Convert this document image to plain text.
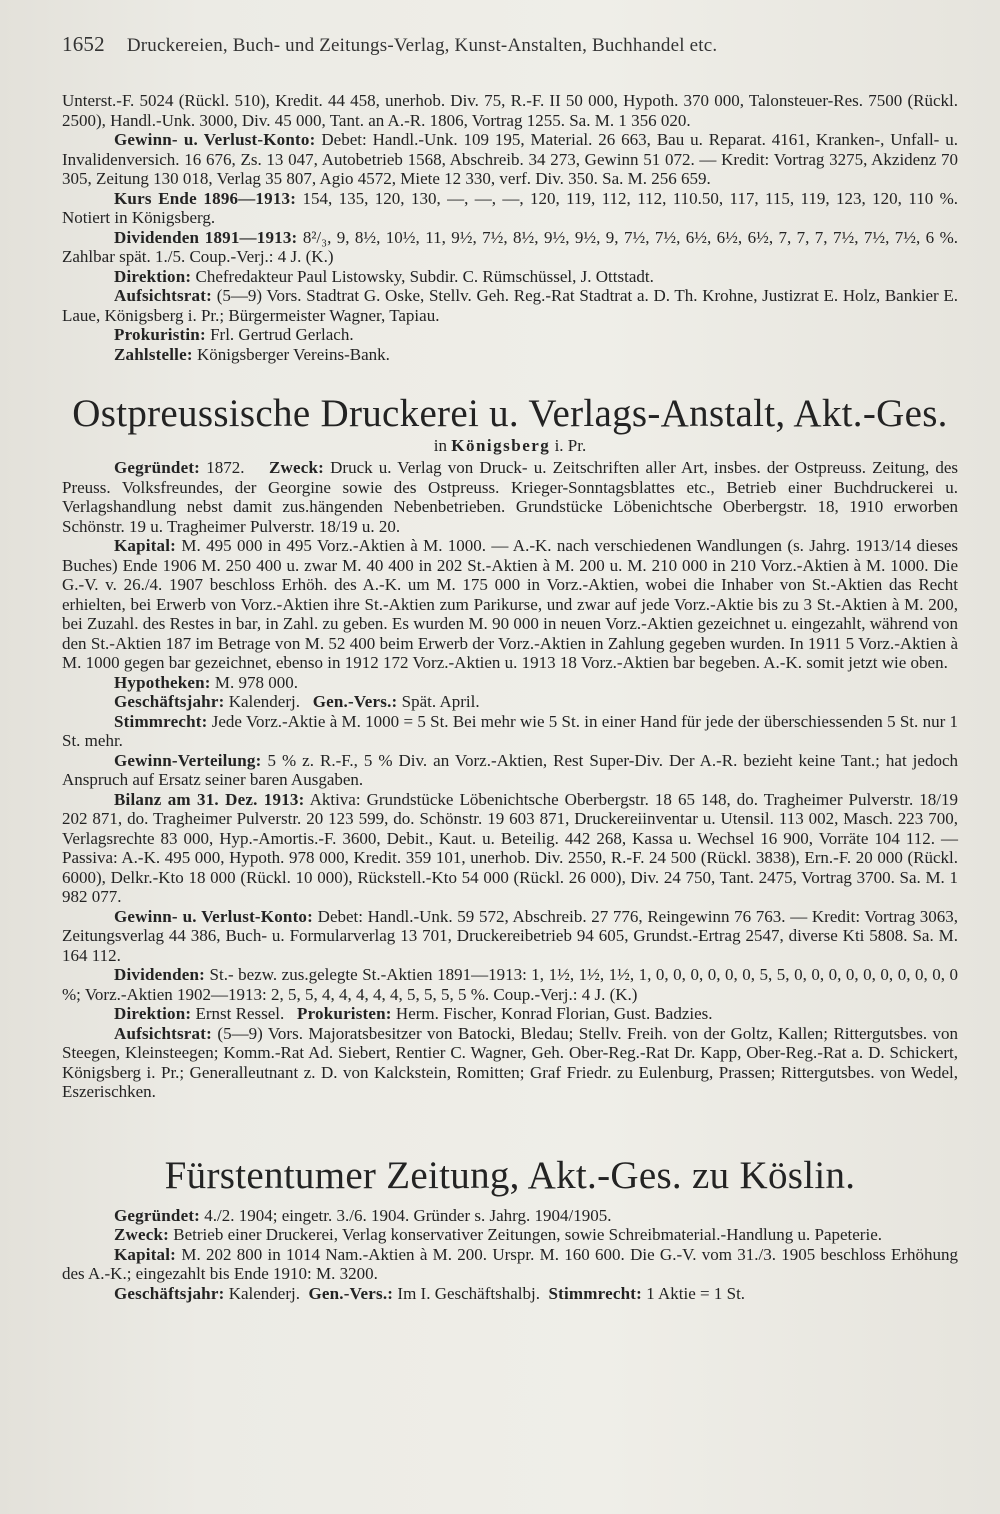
1652 Druckereien, Buch- und Zeitungs-Verlag, Kunst-Anstalten, Buchhandel etc.

Unterst.-F. 5024 (Rückl. 510), Kredit. 44 458, unerhob. Div. 75, R.-F. II 50 000, Hypoth. 370 000, Talonsteuer-Res. 7500 (Rückl. 2500), Handl.-Unk. 3000, Div. 45 000, Tant. an A.-R. 1806, Vortrag 1255. Sa. M. 1 356 020.

Gewinn- u. Verlust-Konto: Debet: Handl.-Unk. 109 195, Material. 26 663, Bau u. Reparat. 4161, Kranken-, Unfall- u. Invalidenversich. 16 676, Zs. 13 047, Autobetrieb 1568, Abschreib. 34 273, Gewinn 51 072. — Kredit: Vortrag 3275, Akzidenz 70 305, Zeitung 130 018, Verlag 35 807, Agio 4572, Miete 12 330, verf. Div. 350. Sa. M. 256 659.

Kurs Ende 1896—1913: 154, 135, 120, 130, —, —, —, 120, 119, 112, 112, 110.50, 117, 115, 119, 123, 120, 110 %. Notiert in Königsberg.

Dividenden 1891—1913: 8²/₃, 9, 8½, 10½, 11, 9½, 7½, 8½, 9½, 9½, 9, 7½, 7½, 6½, 6½, 6½, 7, 7, 7, 7½, 7½, 7½, 6 %. Zahlbar spät. 1./5. Coup.-Verj.: 4 J. (K.)

Direktion: Chefredakteur Paul Listowsky, Subdir. C. Rümschüssel, J. Ottstadt.

Aufsichtsrat: (5—9) Vors. Stadtrat G. Oske, Stellv. Geh. Reg.-Rat Stadtrat a. D. Th. Krohne, Justizrat E. Holz, Bankier E. Laue, Königsberg i. Pr.; Bürgermeister Wagner, Tapiau.

Prokuristin: Frl. Gertrud Gerlach.

Zahlstelle: Königsberger Vereins-Bank.

Ostpreussische Druckerei u. Verlags-Anstalt, Akt.-Ges.
in Königsberg i. Pr.

Gegründet: 1872. Zweck: Druck u. Verlag von Druck- u. Zeitschriften aller Art, insbes. der Ostpreuss. Zeitung, des Preuss. Volksfreundes, der Georgine sowie des Ostpreuss. Krieger-Sonntagsblattes etc., Betrieb einer Buchdruckerei u. Verlagshandlung nebst damit zus.hängenden Nebenbetrieben. Grundstücke Löbenichtsche Oberbergstr. 18, 1910 erworben Schönstr. 19 u. Tragheimer Pulverstr. 18/19 u. 20.

Kapital: M. 495 000 in 495 Vorz.-Aktien à M. 1000. — A.-K. nach verschiedenen Wandlungen (s. Jahrg. 1913/14 dieses Buches) Ende 1906 M. 250 400 u. zwar M. 40 400 in 202 St.-Aktien à M. 200 u. M. 210 000 in 210 Vorz.-Aktien à M. 1000. Die G.-V. v. 26./4. 1907 beschloss Erhöh. des A.-K. um M. 175 000 in Vorz.-Aktien, wobei die Inhaber von St.-Aktien das Recht erhielten, bei Erwerb von Vorz.-Aktien ihre St.-Aktien zum Parikurse, und zwar auf jede Vorz.-Aktie bis zu 3 St.-Aktien à M. 200, bei Zuzahl. des Restes in bar, in Zahl. zu geben. Es wurden M. 90 000 in neuen Vorz.-Aktien gezeichnet u. eingezahlt, während von den St.-Aktien 187 im Betrage von M. 52 400 beim Erwerb der Vorz.-Aktien in Zahlung gegeben wurden. In 1911 5 Vorz.-Aktien à M. 1000 gegen bar gezeichnet, ebenso in 1912 172 Vorz.-Aktien u. 1913 18 Vorz.-Aktien bar begeben. A.-K. somit jetzt wie oben.

Hypotheken: M. 978 000.

Geschäftsjahr: Kalenderj. Gen.-Vers.: Spät. April.

Stimmrecht: Jede Vorz.-Aktie à M. 1000 = 5 St. Bei mehr wie 5 St. in einer Hand für jede der überschiessenden 5 St. nur 1 St. mehr.

Gewinn-Verteilung: 5 % z. R.-F., 5 % Div. an Vorz.-Aktien, Rest Super-Div. Der A.-R. bezieht keine Tant.; hat jedoch Anspruch auf Ersatz seiner baren Ausgaben.

Bilanz am 31. Dez. 1913: Aktiva: Grundstücke Löbenichtsche Oberbergstr. 18 65 148, do. Tragheimer Pulverstr. 18/19 202 871, do. Tragheimer Pulverstr. 20 123 599, do. Schönstr. 19 603 871, Druckereiinventar u. Utensil. 113 002, Masch. 223 700, Verlagsrechte 83 000, Hyp.-Amortis.-F. 3600, Debit., Kaut. u. Beteilig. 442 268, Kassa u. Wechsel 16 900, Vorräte 104 112. — Passiva: A.-K. 495 000, Hypoth. 978 000, Kredit. 359 101, unerhob. Div. 2550, R.-F. 24 500 (Rückl. 3838), Ern.-F. 20 000 (Rückl. 6000), Delkr.-Kto 18 000 (Rückl. 10 000), Rückstell.-Kto 54 000 (Rückl. 26 000), Div. 24 750, Tant. 2475, Vortrag 3700. Sa. M. 1 982 077.

Gewinn- u. Verlust-Konto: Debet: Handl.-Unk. 59 572, Abschreib. 27 776, Reingewinn 76 763. — Kredit: Vortrag 3063, Zeitungsverlag 44 386, Buch- u. Formularverlag 13 701, Druckereibetrieb 94 605, Grundst.-Ertrag 2547, diverse Kti 5808. Sa. M. 164 112.

Dividenden: St.- bezw. zus.gelegte St.-Aktien 1891—1913: 1, 1½, 1½, 1½, 1, 0, 0, 0, 0, 0, 0, 5, 5, 0, 0, 0, 0, 0, 0, 0, 0, 0, 0 %; Vorz.-Aktien 1902—1913: 2, 5, 5, 4, 4, 4, 4, 4, 5, 5, 5, 5 %. Coup.-Verj.: 4 J. (K.)

Direktion: Ernst Ressel. Prokuristen: Herm. Fischer, Konrad Florian, Gust. Badzies.

Aufsichtsrat: (5—9) Vors. Majoratsbesitzer von Batocki, Bledau; Stellv. Freih. von der Goltz, Kallen; Rittergutsbes. von Steegen, Kleinsteegen; Komm.-Rat Ad. Siebert, Rentier C. Wagner, Geh. Ober-Reg.-Rat Dr. Kapp, Ober-Reg.-Rat a. D. Schickert, Königsberg i. Pr.; Generalleutnant z. D. von Kalckstein, Romitten; Graf Friedr. zu Eulenburg, Prassen; Rittergutsbes. von Wedel, Eszerischken.

Fürstentumer Zeitung, Akt.-Ges. zu Köslin.

Gegründet: 4./2. 1904; eingetr. 3./6. 1904. Gründer s. Jahrg. 1904/1905.

Zweck: Betrieb einer Druckerei, Verlag konservativer Zeitungen, sowie Schreibmaterial.-Handlung u. Papeterie.

Kapital: M. 202 800 in 1014 Nam.-Aktien à M. 200. Urspr. M. 160 600. Die G.-V. vom 31./3. 1905 beschloss Erhöhung des A.-K.; eingezahlt bis Ende 1910: M. 3200.

Geschäftsjahr: Kalenderj. Gen.-Vers.: Im I. Geschäftshalbj. Stimmrecht: 1 Aktie = 1 St.
